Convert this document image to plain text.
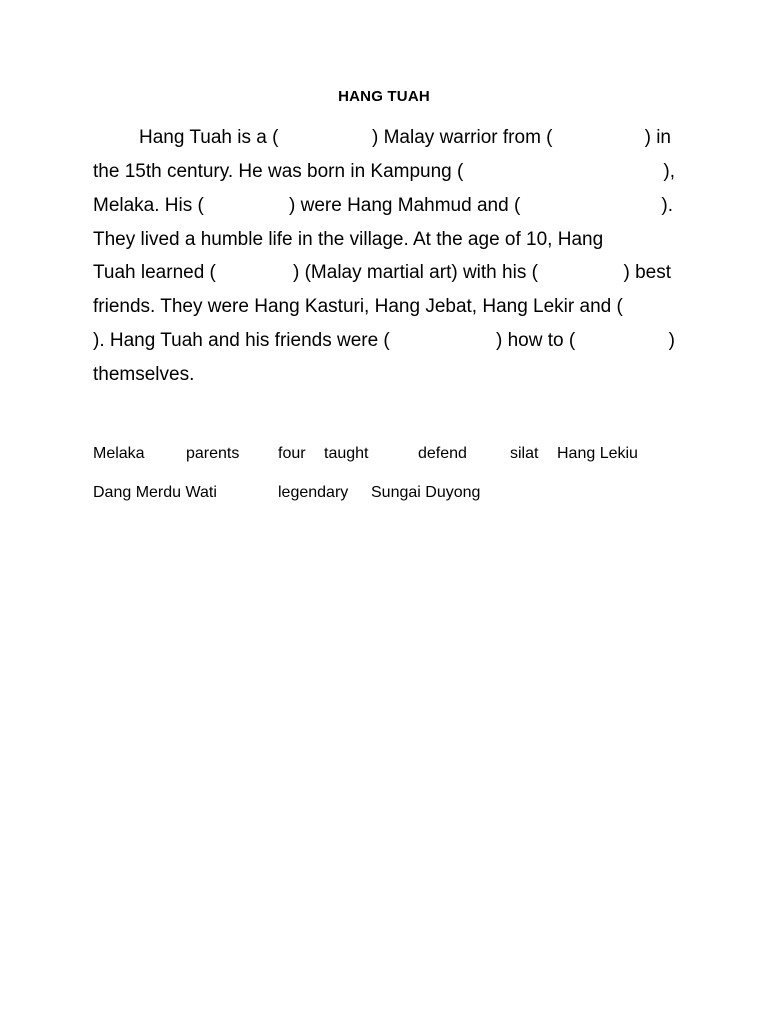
HANG TUAH
Hang Tuah is a (	) Malay warrior from (	) in
the 15th century. He was born in Kampung (	),
Melaka. His (	) were Hang Mahmud and (	).
They lived a humble life in the village. At the age of 10, Hang
Tuah learned (	) (Malay martial art) with his (	) best
friends. They were Hang Kasturi, Hang Jebat, Hang Lekir and (
). Hang Tuah and his friends were (	) how to (	)
themselves.
Melaka	parents four taught	defend	silat Hang Lekiu
Dang Merdu Wati	legendary Sungai Duyong
